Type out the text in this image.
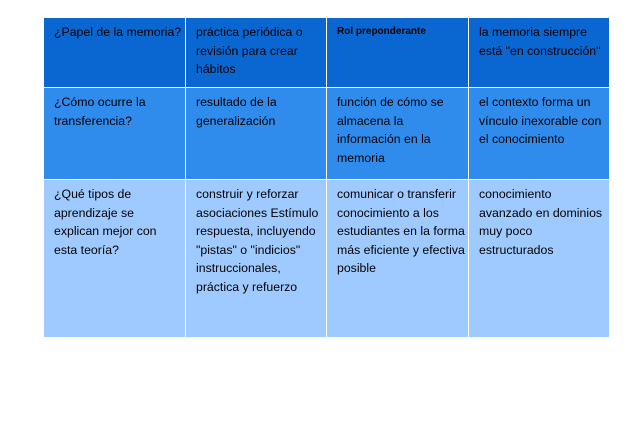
¿Papel de la memoria?	práctica periódica o revisión para crear hábitos	Rol preponderante	la memoria siempre está "en construcción"
¿Cómo ocurre la transferencia?	resultado de la generalización	función de cómo se almacena la información en la memoria	el contexto forma un vínculo inexorable con el conocimiento
¿Qué tipos de aprendizaje se explican mejor con esta teoría?	construir y reforzar asociaciones Estímulo respuesta, incluyendo "pistas" o "indicios" instruccionales, práctica y refuerzo	comunicar o transferir conocimiento a los estudiantes en la forma más eficiente y efectiva posible	conocimiento avanzado en dominios muy poco estructurados
